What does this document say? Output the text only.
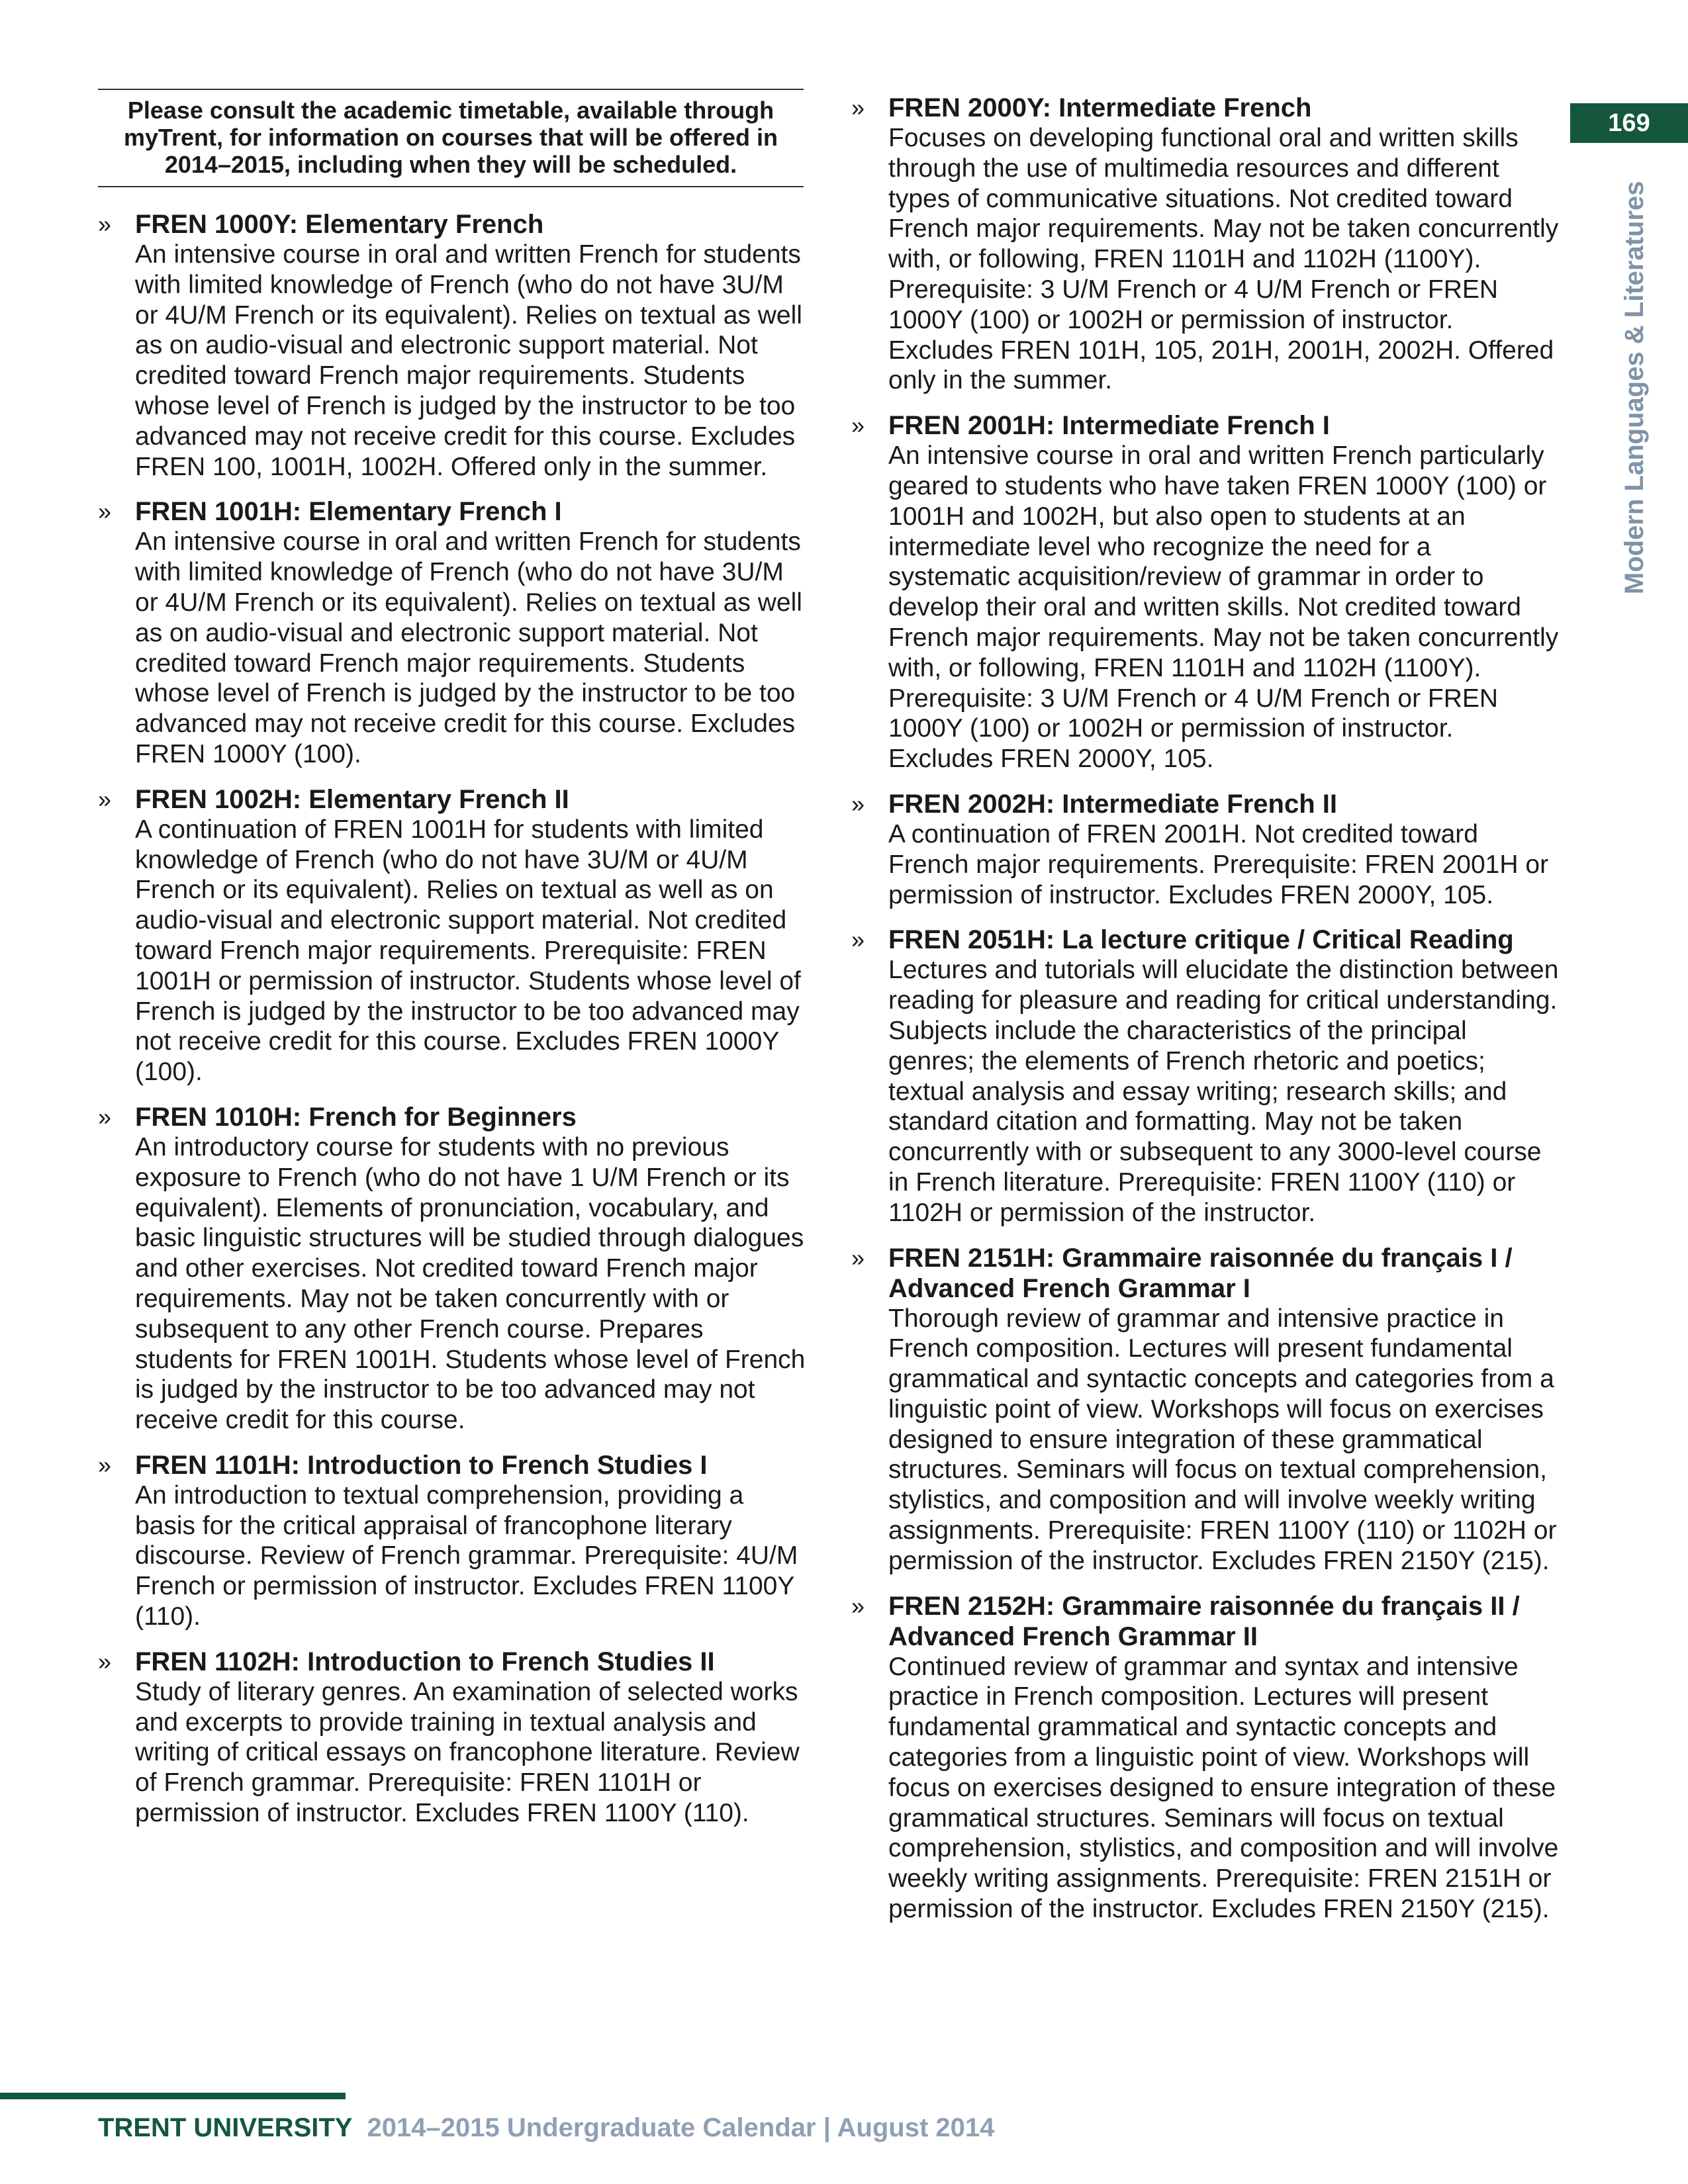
Please consult the academic timetable, available through myTrent, for information on courses that will be offered in 2014–2015, including when they will be scheduled.
» FREN 1000Y: Elementary French
An intensive course in oral and written French for students with limited knowledge of French (who do not have 3U/M or 4U/M French or its equivalent). Relies on textual as well as on audio-visual and electronic support material. Not credited toward French major requirements. Students whose level of French is judged by the instructor to be too advanced may not receive credit for this course. Excludes FREN 100, 1001H, 1002H. Offered only in the summer.
» FREN 1001H: Elementary French I
An intensive course in oral and written French for students with limited knowledge of French (who do not have 3U/M or 4U/M French or its equivalent). Relies on textual as well as on audio-visual and electronic support material. Not credited toward French major requirements. Students whose level of French is judged by the instructor to be too advanced may not receive credit for this course. Excludes FREN 1000Y (100).
» FREN 1002H: Elementary French II
A continuation of FREN 1001H for students with limited knowledge of French (who do not have 3U/M or 4U/M French or its equivalent). Relies on textual as well as on audio-visual and electronic support material. Not credited toward French major requirements. Prerequisite: FREN 1001H or permission of instructor. Students whose level of French is judged by the instructor to be too advanced may not receive credit for this course. Excludes FREN 1000Y (100).
» FREN 1010H: French for Beginners
An introductory course for students with no previous exposure to French (who do not have 1 U/M French or its equivalent). Elements of pronunciation, vocabulary, and basic linguistic structures will be studied through dialogues and other exercises. Not credited toward French major requirements. May not be taken concurrently with or subsequent to any other French course. Prepares students for FREN 1001H. Students whose level of French is judged by the instructor to be too advanced may not receive credit for this course.
» FREN 1101H: Introduction to French Studies I
An introduction to textual comprehension, providing a basis for the critical appraisal of francophone literary discourse. Review of French grammar. Prerequisite: 4U/M French or permission of instructor. Excludes FREN 1100Y (110).
» FREN 1102H: Introduction to French Studies II
Study of literary genres. An examination of selected works and excerpts to provide training in textual analysis and writing of critical essays on francophone literature. Review of French grammar. Prerequisite: FREN 1101H or permission of instructor. Excludes FREN 1100Y (110).
» FREN 2000Y: Intermediate French
Focuses on developing functional oral and written skills through the use of multimedia resources and different types of communicative situations. Not credited toward French major requirements. May not be taken concurrently with, or following, FREN 1101H and 1102H (1100Y). Prerequisite: 3 U/M French or 4 U/M French or FREN 1000Y (100) or 1002H or permission of instructor. Excludes FREN 101H, 105, 201H, 2001H, 2002H. Offered only in the summer.
» FREN 2001H: Intermediate French I
An intensive course in oral and written French particularly geared to students who have taken FREN 1000Y (100) or 1001H and 1002H, but also open to students at an intermediate level who recognize the need for a systematic acquisition/review of grammar in order to develop their oral and written skills. Not credited toward French major requirements. May not be taken concurrently with, or following, FREN 1101H and 1102H (1100Y). Prerequisite: 3 U/M French or 4 U/M French or FREN 1000Y (100) or 1002H or permission of instructor. Excludes FREN 2000Y, 105.
» FREN 2002H: Intermediate French II
A continuation of FREN 2001H. Not credited toward French major requirements. Prerequisite: FREN 2001H or permission of instructor. Excludes FREN 2000Y, 105.
» FREN 2051H: La lecture critique / Critical Reading
Lectures and tutorials will elucidate the distinction between reading for pleasure and reading for critical understanding. Subjects include the characteristics of the principal genres; the elements of French rhetoric and poetics; textual analysis and essay writing; research skills; and standard citation and formatting. May not be taken concurrently with or subsequent to any 3000-level course in French literature. Prerequisite: FREN 1100Y (110) or 1102H or permission of the instructor.
» FREN 2151H: Grammaire raisonnée du français I / Advanced French Grammar I
Thorough review of grammar and intensive practice in French composition. Lectures will present fundamental grammatical and syntactic concepts and categories from a linguistic point of view. Workshops will focus on exercises designed to ensure integration of these grammatical structures. Seminars will focus on textual comprehension, stylistics, and composition and will involve weekly writing assignments. Prerequisite: FREN 1100Y (110) or 1102H or permission of the instructor. Excludes FREN 2150Y (215).
» FREN 2152H: Grammaire raisonnée du français II / Advanced French Grammar II
Continued review of grammar and syntax and intensive practice in French composition. Lectures will present fundamental grammatical and syntactic concepts and categories from a linguistic point of view. Workshops will focus on exercises designed to ensure integration of these grammatical structures. Seminars will focus on textual comprehension, stylistics, and composition and will involve weekly writing assignments. Prerequisite: FREN 2151H or permission of the instructor. Excludes FREN 2150Y (215).
169
Modern Languages & Literatures
TRENT UNIVERSITY 2014–2015 Undergraduate Calendar | August 2014
